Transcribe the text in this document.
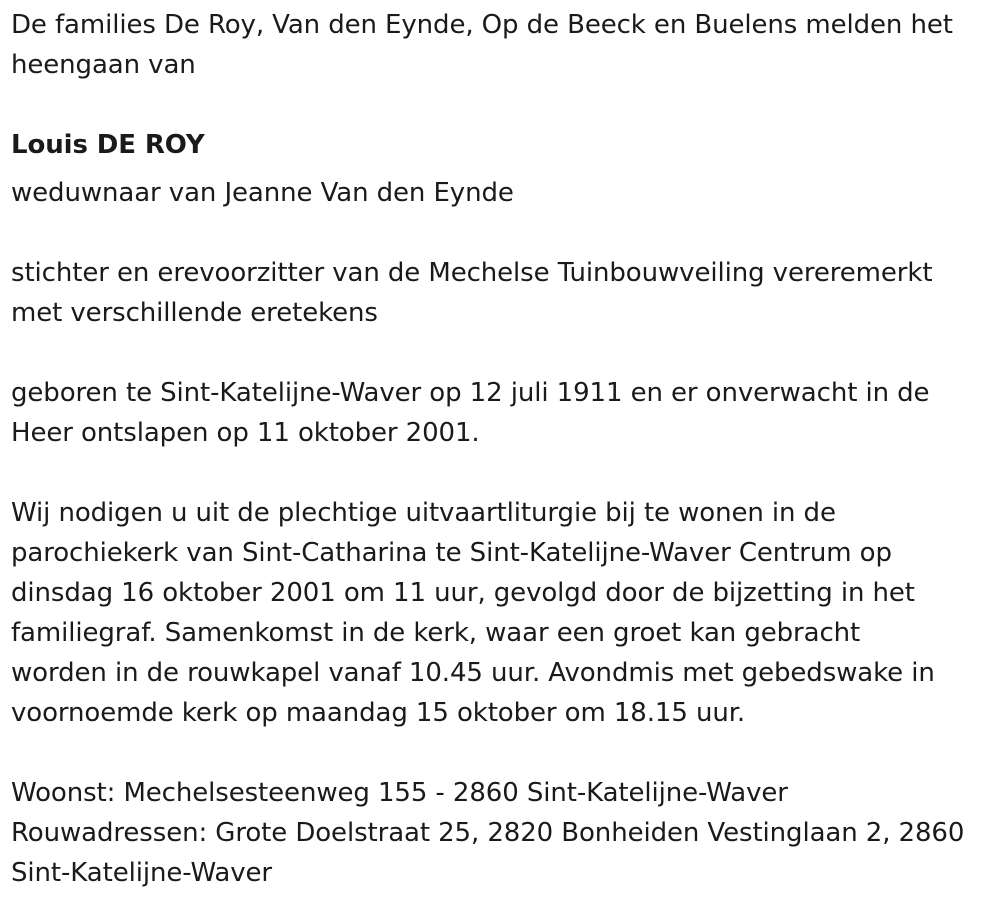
De families De Roy, Van den Eynde, Op de Beeck en Buelens melden het
heengaan van
Louis DE ROY
weduwnaar van Jeanne Van den Eynde
stichter en erevoorzitter van de Mechelse Tuinbouwveiling vereremerkt
met verschillende eretekens
geboren te Sint-Katelijne-Waver op 12 juli 1911 en er onverwacht in de
Heer ontslapen op 11 oktober 2001.
Wij nodigen u uit de plechtige uitvaartliturgie bij te wonen in de
parochiekerk van Sint-Catharina te Sint-Katelijne-Waver Centrum op
dinsdag 16 oktober 2001 om 11 uur, gevolgd door de bijzetting in het
familiegraf. Samenkomst in de kerk, waar een groet kan gebracht
worden in de rouwkapel vanaf 10.45 uur. Avondmis met gebedswake in
voornoemde kerk op maandag 15 oktober om 18.15 uur.
Woonst: Mechelsesteenweg 155 - 2860 Sint-Katelijne-Waver
Rouwadressen: Grote Doelstraat 25, 2820 Bonheiden Vestinglaan 2, 2860
Sint-Katelijne-Waver
